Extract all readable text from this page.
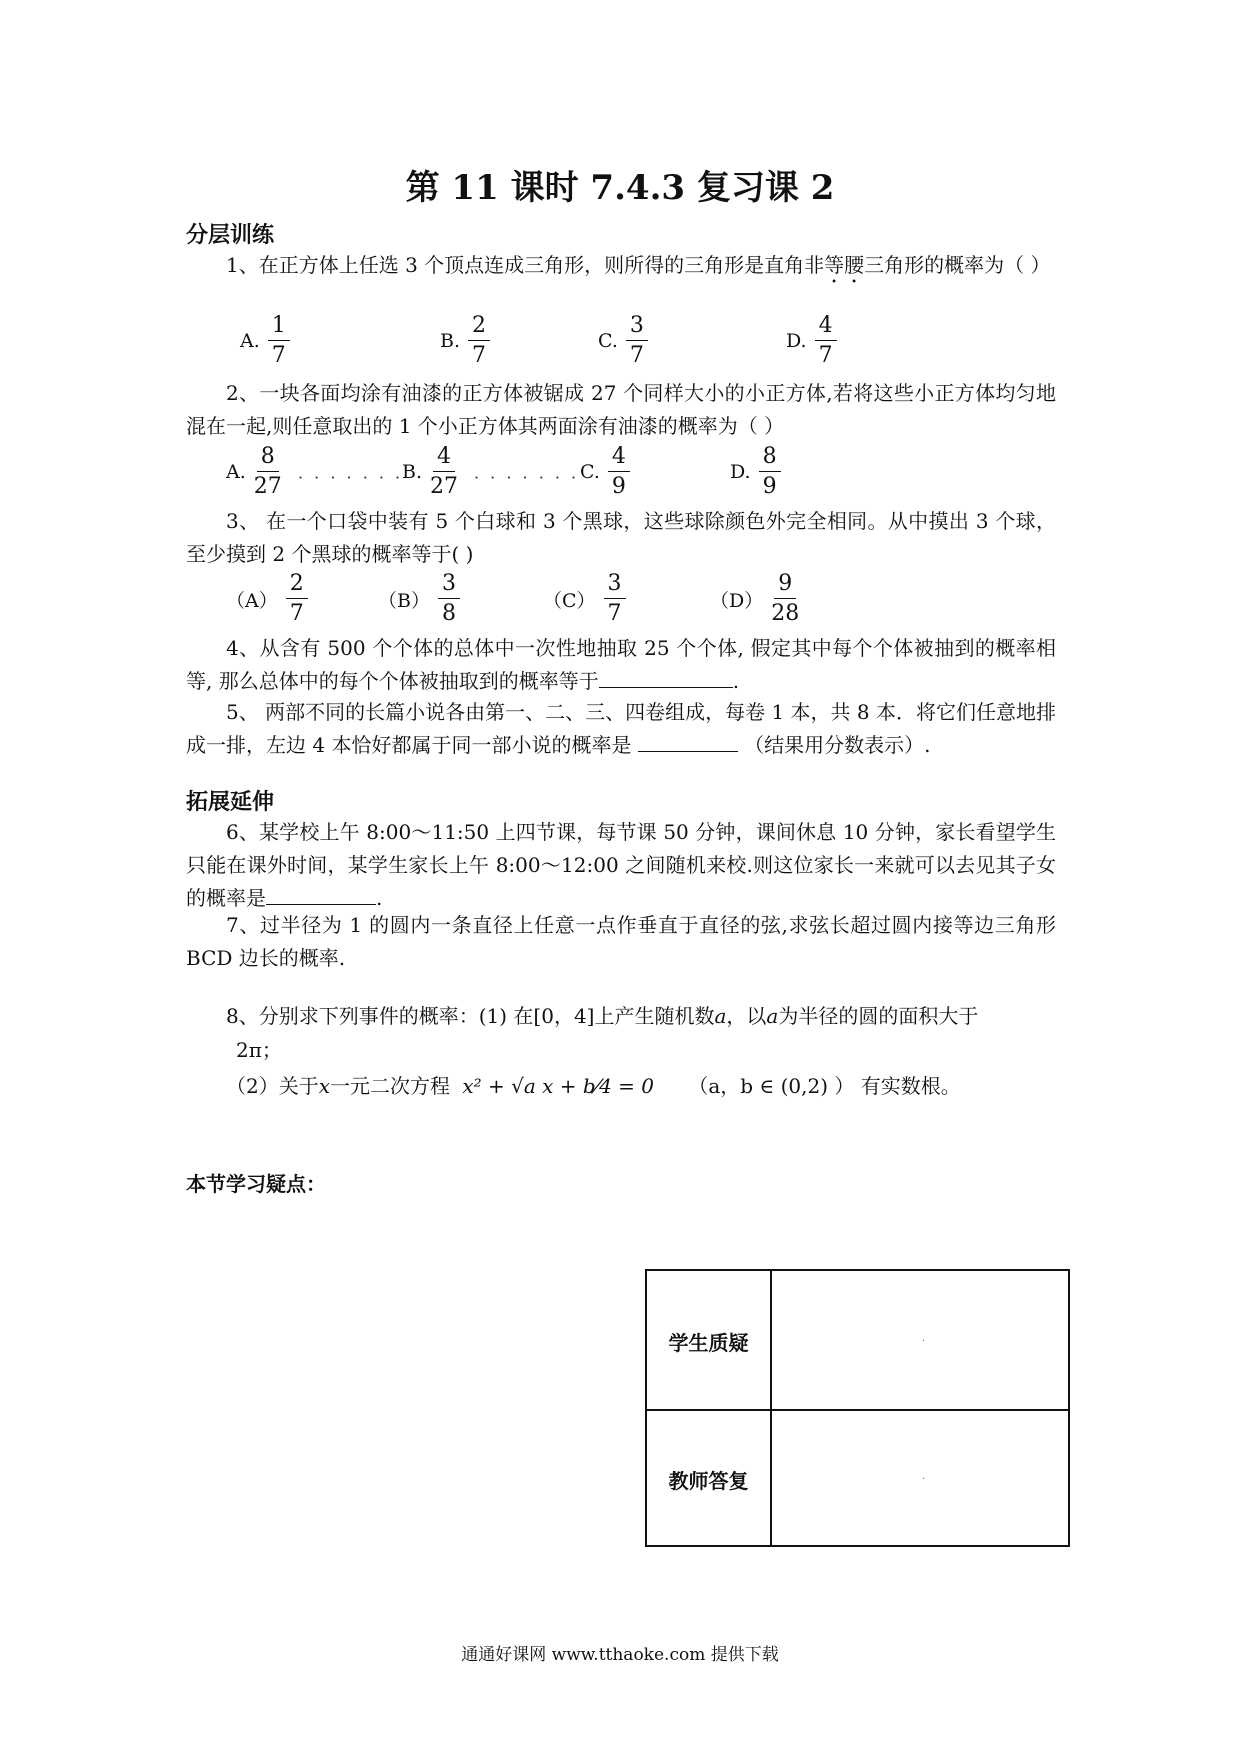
第 11 课时 7.4.3 复习课 2
分层训练
1、在正方体上任选 3 个顶点连成三角形，则所得的三角形是直角非等腰三角形的概率为（ ）
A. $\frac{1}{7}$	B. $\frac{2}{7}$	C. $\frac{3}{7}$	D. $\frac{4}{7}$
2、一块各面均涂有油漆的正方体被锯成 27 个同样大小的小正方体,若将这些小正方体均匀地混在一起,则任意取出的 1 个小正方体其两面涂有油漆的概率为（ ）
A. $\frac{8}{27}$ · · · · · · ·
B. $\frac{4}{27}$ · · · · · · · C. $\frac{4}{9}$	D. $\frac{8}{9}$
3、 在一个口袋中装有 5 个白球和 3 个黑球，这些球除颜色外完全相同。从中摸出 3 个球，至少摸到 2 个黑球的概率等于( )
$(A) \frac{2}{7}$	$(B) \frac{3}{8}$	$(C) \frac{3}{7}$	$(D) \frac{9}{28}$
4、从含有 500 个个体的总体中一次性地抽取 25 个个体, 假定其中每个个体被抽到的概率相等, 那么总体中的每个个体被抽取到的概率等于	.
5、 两部不同的长篇小说各由第一、二、三、四卷组成，每卷 1 本，共 8 本．将它们任意地排成一排，左边 4 本恰好都属于同一部小说的概率是	（结果用分数表示）.
拓展延伸
6、某学校上午 8:00～11:50 上四节课，每节课 50 分钟，课间休息 10 分钟，家长看望学生只能在课外时间，某学生家长上午 8:00～12:00 之间随机来校.则这位家长一来就可以去见其子女的概率是	.
7、过半径为 1 的圆内一条直径上任意一点作垂直于直径的弦,求弦长超过圆内接等边三角形 BCD 边长的概率.
8、分别求下列事件的概率：(1) 在[0，4]上产生随机数a，以a为半径的圆的面积大于
2π；
（2）关于x一元二次方程 x² + √a x + b⁄4 = 0 （a，b ∈ (0,2) ） 有实数根。
本节学习疑点：
学生质疑
教师答复
.
.
通通好课网 www.tthaoke.com 提供下载
